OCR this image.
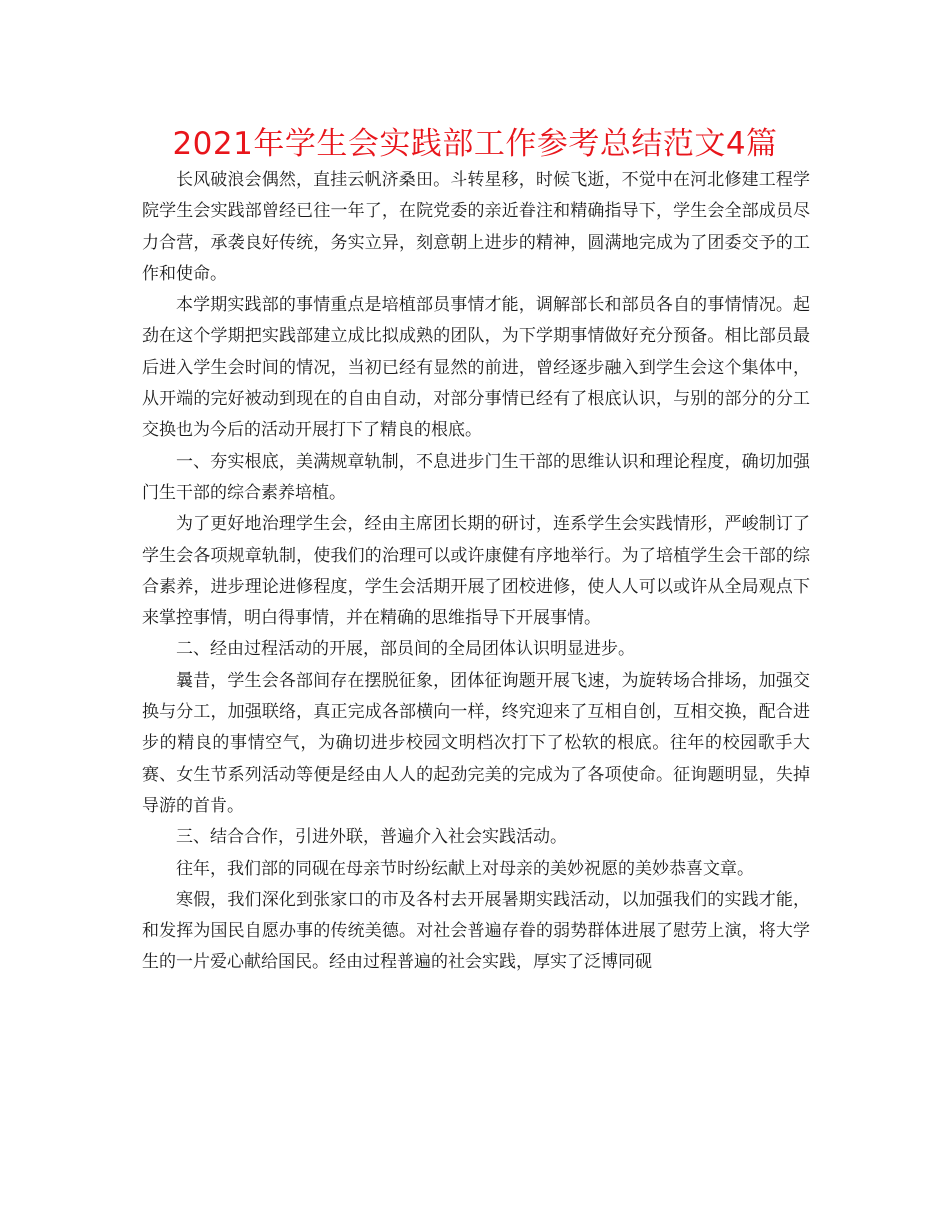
2021年学生会实践部工作参考总结范文4篇

长风破浪会偶然，直挂云帆济桑田。斗转星移，时候飞逝，不觉中在河北修建工程学院学生会实践部曾经已往一年了，在院党委的亲近眷注和精确指导下，学生会全部成员尽力合营，承袭良好传统，务实立异，刻意朝上进步的精神，圆满地完成为了团委交予的工作和使命。

本学期实践部的事情重点是培植部员事情才能，调解部长和部员各自的事情情况。起劲在这个学期把实践部建立成比拟成熟的团队，为下学期事情做好充分预备。相比部员最后进入学生会时间的情况，当初已经有显然的前进，曾经逐步融入到学生会这个集体中，从开端的完好被动到现在的自由自动，对部分事情已经有了根底认识，与别的部分的分工交换也为今后的活动开展打下了精良的根底。

一、夯实根底，美满规章轨制，不息进步门生干部的思维认识和理论程度，确切加强门生干部的综合素养培植。

为了更好地治理学生会，经由主席团长期的研讨，连系学生会实践情形，严峻制订了学生会各项规章轨制，使我们的治理可以或许康健有序地举行。为了培植学生会干部的综合素养，进步理论进修程度，学生会活期开展了团校进修，使人人可以或许从全局观点下来掌控事情，明白得事情，并在精确的思维指导下开展事情。

二、经由过程活动的开展，部员间的全局团体认识明显进步。

曩昔，学生会各部间存在摆脱征象，团体征询题开展飞速，为旋转场合排场，加强交换与分工，加强联络，真正完成各部横向一样，终究迎来了互相自创，互相交换，配合进步的精良的事情空气，为确切进步校园文明档次打下了松软的根底。往年的校园歌手大赛、女生节系列活动等便是经由人人的起劲完美的完成为了各项使命。征询题明显，失掉导游的首肯。

三、结合合作，引进外联，普遍介入社会实践活动。

往年，我们部的同砚在母亲节时纷纭献上对母亲的美妙祝愿的美妙恭喜文章。

寒假，我们深化到张家口的市及各村去开展暑期实践活动，以加强我们的实践才能，和发挥为国民自愿办事的传统美德。对社会普遍存眷的弱势群体进展了慰劳上演，将大学生的一片爱心献给国民。经由过程普遍的社会实践，厚实了泛博同砚
